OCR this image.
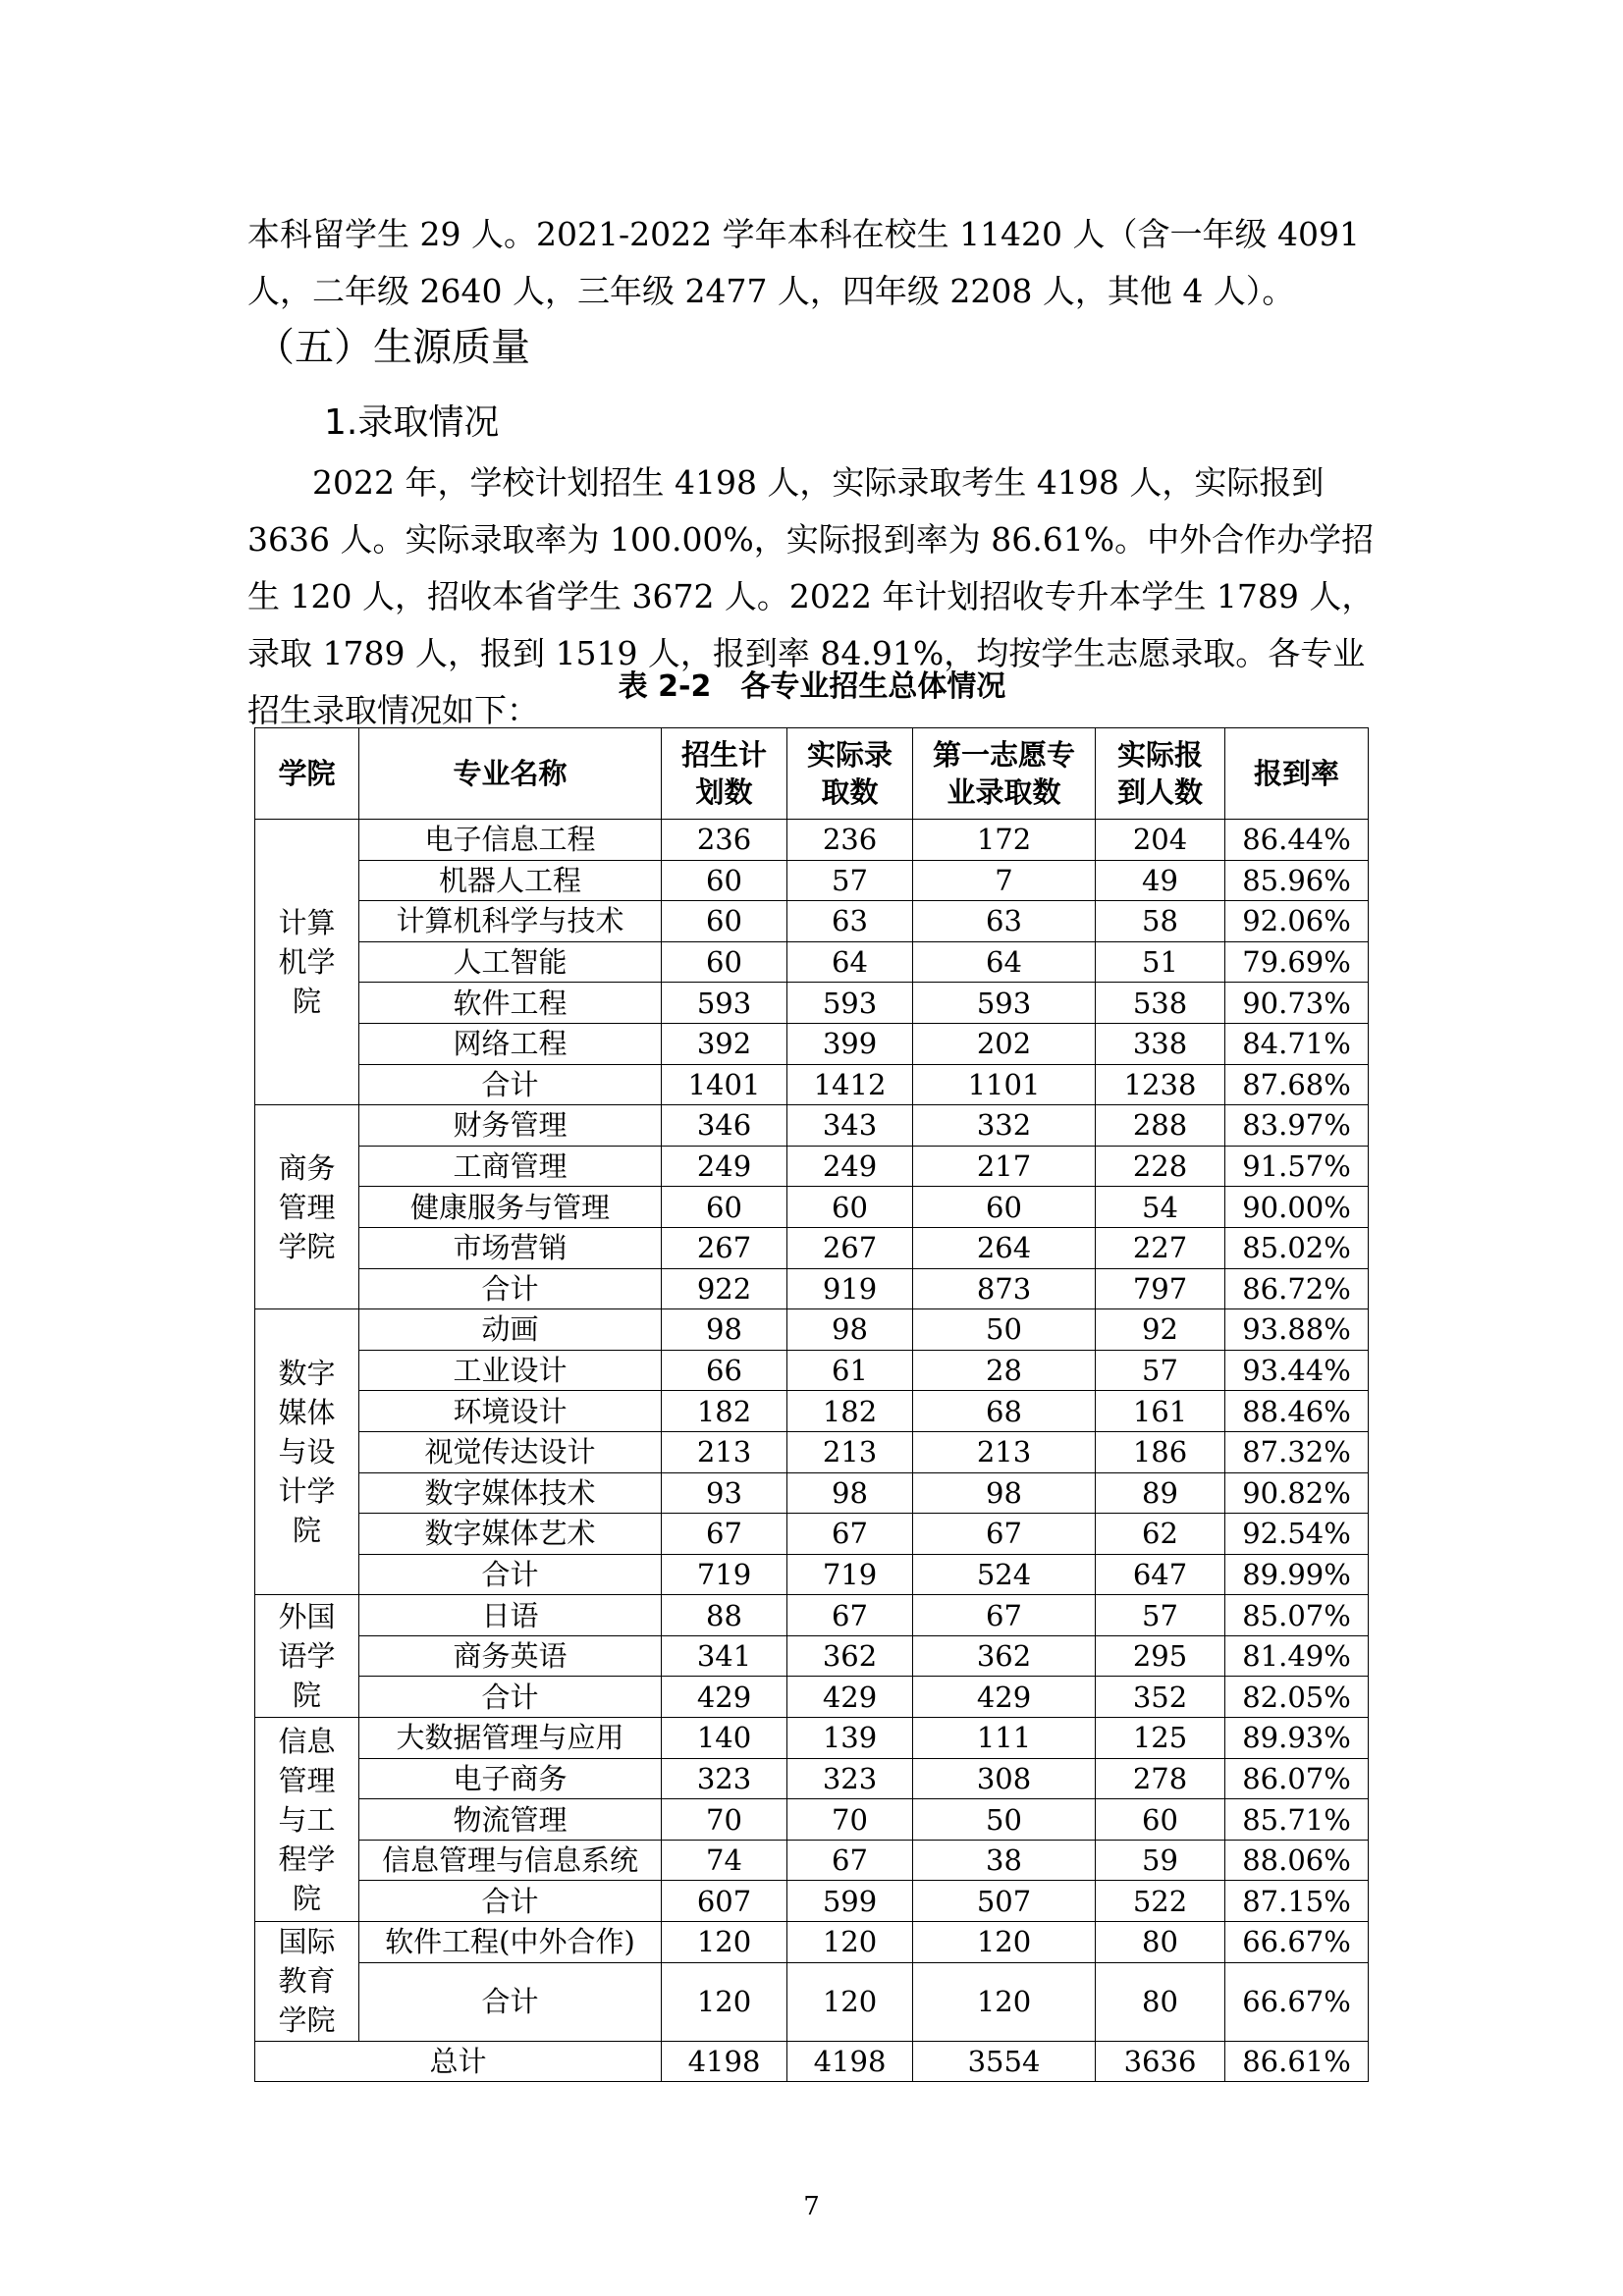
本科留学生 29 人。2021-2022 学年本科在校生 11420 人（含一年级 4091 人，二年级 2640 人，三年级 2477 人，四年级 2208 人，其他 4 人）。

（五）生源质量
1.录取情况

2022 年，学校计划招生 4198 人，实际录取考生 4198 人，实际报到 3636 人。实际录取率为 100.00%，实际报到率为 86.61%。中外合作办学招生 120 人，招收本省学生 3672 人。2022 年计划招收专升本学生 1789 人，录取 1789 人，报到 1519 人，报到率 84.91%，均按学生志愿录取。各专业招生录取情况如下：

表 2-2　各专业招生总体情况
学院	专业名称	招生计划数	实际录取数	第一志愿专业录取数	实际报到人数	报到率
计算机学院	电子信息工程	236	236	172	204	86.44%
	机器人工程	60	57	7	49	85.96%
	计算机科学与技术	60	63	63	58	92.06%
	人工智能	60	64	64	51	79.69%
	软件工程	593	593	593	538	90.73%
	网络工程	392	399	202	338	84.71%
	合计	1401	1412	1101	1238	87.68%
商务管理学院	财务管理	346	343	332	288	83.97%
	工商管理	249	249	217	228	91.57%
	健康服务与管理	60	60	60	54	90.00%
	市场营销	267	267	264	227	85.02%
	合计	922	919	873	797	86.72%
数字媒体与设计学院	动画	98	98	50	92	93.88%
	工业设计	66	61	28	57	93.44%
	环境设计	182	182	68	161	88.46%
	视觉传达设计	213	213	213	186	87.32%
	数字媒体技术	93	98	98	89	90.82%
	数字媒体艺术	67	67	67	62	92.54%
	合计	719	719	524	647	89.99%
外国语学院	日语	88	67	67	57	85.07%
	商务英语	341	362	362	295	81.49%
	合计	429	429	429	352	82.05%
信息管理与工程学院	大数据管理与应用	140	139	111	125	89.93%
	电子商务	323	323	308	278	86.07%
	物流管理	70	70	50	60	85.71%
	信息管理与信息系统	74	67	38	59	88.06%
	合计	607	599	507	522	87.15%
国际教育学院	软件工程(中外合作)	120	120	120	80	66.67%
	合计	120	120	120	80	66.67%
总计		4198	4198	3554	3636	86.61%
7
